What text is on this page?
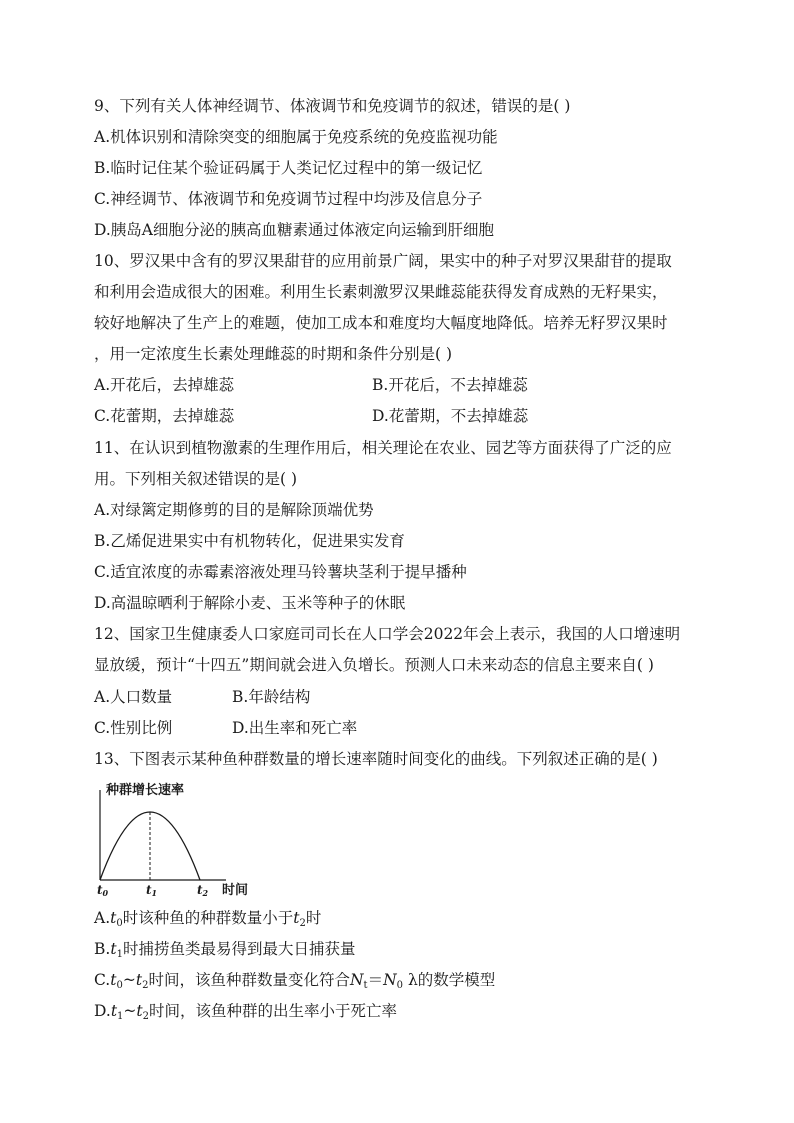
9、下列有关人体神经调节、体液调节和免疫调节的叙述，错误的是( )
A.机体识别和清除突变的细胞属于免疫系统的免疫监视功能
B.临时记住某个验证码属于人类记忆过程中的第一级记忆
C.神经调节、体液调节和免疫调节过程中均涉及信息分子
D.胰岛A细胞分泌的胰高血糖素通过体液定向运输到肝细胞
10、罗汉果中含有的罗汉果甜苷的应用前景广阔，果实中的种子对罗汉果甜苷的提取
和利用会造成很大的困难。利用生长素刺激罗汉果雌蕊能获得发育成熟的无籽果实，
较好地解决了生产上的难题，使加工成本和难度均大幅度地降低。培养无籽罗汉果时
，用一定浓度生长素处理雌蕊的时期和条件分别是( )
A.开花后，去掉雄蕊	B.开花后，不去掉雄蕊
C.花蕾期，去掉雄蕊	D.花蕾期，不去掉雄蕊
11、在认识到植物激素的生理作用后，相关理论在农业、园艺等方面获得了广泛的应
用。下列相关叙述错误的是( )
A.对绿篱定期修剪的目的是解除顶端优势
B.乙烯促进果实中有机物转化，促进果实发育
C.适宜浓度的赤霉素溶液处理马铃薯块茎利于提早播种
D.高温晾晒利于解除小麦、玉米等种子的休眠
12、国家卫生健康委人口家庭司司长在人口学会2022年会上表示，我国的人口增速明
显放缓，预计“十四五”期间就会进入负增长。预测人口未来动态的信息主要来自( )
A.人口数量	B.年龄结构
C.性别比例	D.出生率和死亡率
13、下图表示某种鱼种群数量的增长速率随时间变化的曲线。下列叙述正确的是( )
种群增长速率
t0	t1	t2 时间
$A.t_0$时该种鱼的种群数量小于$t_2$时
$B.t_1$时捕捞鱼类最易得到最大日捕获量
$C.t_0\sim t_2$时间，该鱼种群数量变化符合$N_t=N_0$ λ的数学模型
$D.t_1\sim t_2$时间，该鱼种群的出生率小于死亡率
